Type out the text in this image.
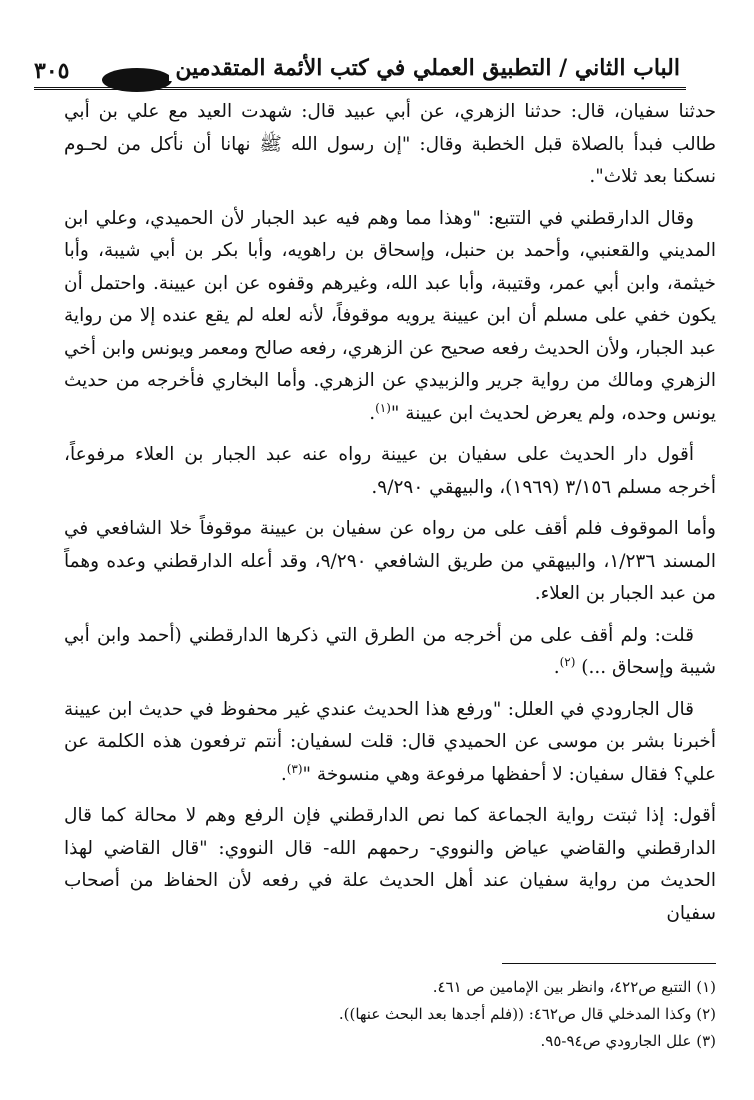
٣٠٥	الباب الثاني / التطبيق العملي في كتب الأئمة المتقدمين

حدثنا سفيان، قال: حدثنا الزهري، عن أبي عبيد قال: شهدت العيد مع علي بن أبي طالب فبدأ بالصلاة قبل الخطبة وقال: "إن رسول الله ﷺ نهانا أن نأكل من لحـوم نسكنا بعد ثلاث".

وقال الدارقطني في التتبع: "وهذا مما وهم فيه عبد الجبار لأن الحميدي، وعلي ابن المديني والقعنبي، وأحمد بن حنبل، وإسحاق بن راهويه، وأبا بكر بن أبي شيبة، وأبا خيثمة، وابن أبي عمر، وقتيبة، وأبا عبد الله، وغيرهم وقفوه عن ابن عيينة. واحتمل أن يكون خفي على مسلم أن ابن عيينة يرويه موقوفاً، لأنه لعله لم يقع عنده إلا من رواية عبد الجبار، ولأن الحديث رفعه صحيح عن الزهري، رفعه صالح ومعمر ويونس وابن أخي الزهري ومالك من رواية جرير والزبيدي عن الزهري. وأما البخاري فأخرجه من حديث يونس وحده، ولم يعرض لحديث ابن عيينة "$^{(١)}$.

أقول دار الحديث على سفيان بن عيينة رواه عنه عبد الجبار بن العلاء مرفوعاً، أخرجه مسلم ٣/١٥٦ (١٩٦٩)، والبيهقي ٩/٢٩٠.

وأما الموقوف فلم أقف على من رواه عن سفيان بن عيينة موقوفاً خلا الشافعي في المسند ١/٢٣٦، والبيهقي من طريق الشافعي ٩/٢٩٠، وقد أعله الدارقطني وعده وهماً من عبد الجبار بن العلاء.

قلت: ولم أقف على من أخرجه من الطرق التي ذكرها الدارقطني (أحمد وابن أبي شيبة وإسحاق ...) $^{(٢)}$.

قال الجارودي في العلل: "ورفع هذا الحديث عندي غير محفوظ في حديث ابن عيينة أخبرنا بشر بن موسى عن الحميدي قال: قلت لسفيان: أنتم ترفعون هذه الكلمة عن علي؟ فقال سفيان: لا أحفظها مرفوعة وهي منسوخة "$^{(٣)}$.

أقول: إذا ثبتت رواية الجماعة كما نص الدارقطني فإن الرفع وهم لا محالة كما قال الدارقطني والقاضي عياض والنووي- رحمهم الله- قال النووي: "قال القاضي لهذا الحديث من رواية سفيان عند أهل الحديث علة في رفعه لأن الحفاظ من أصحاب سفيان

(١) التتبع ص٤٢٢، وانظر بين الإمامين ص ٤٦١.
(٢) وكذا المدخلي قال ص٤٦٢: ((فلم أجدها بعد البحث عنها)).
(٣) علل الجارودي ص٩٤-٩٥.
